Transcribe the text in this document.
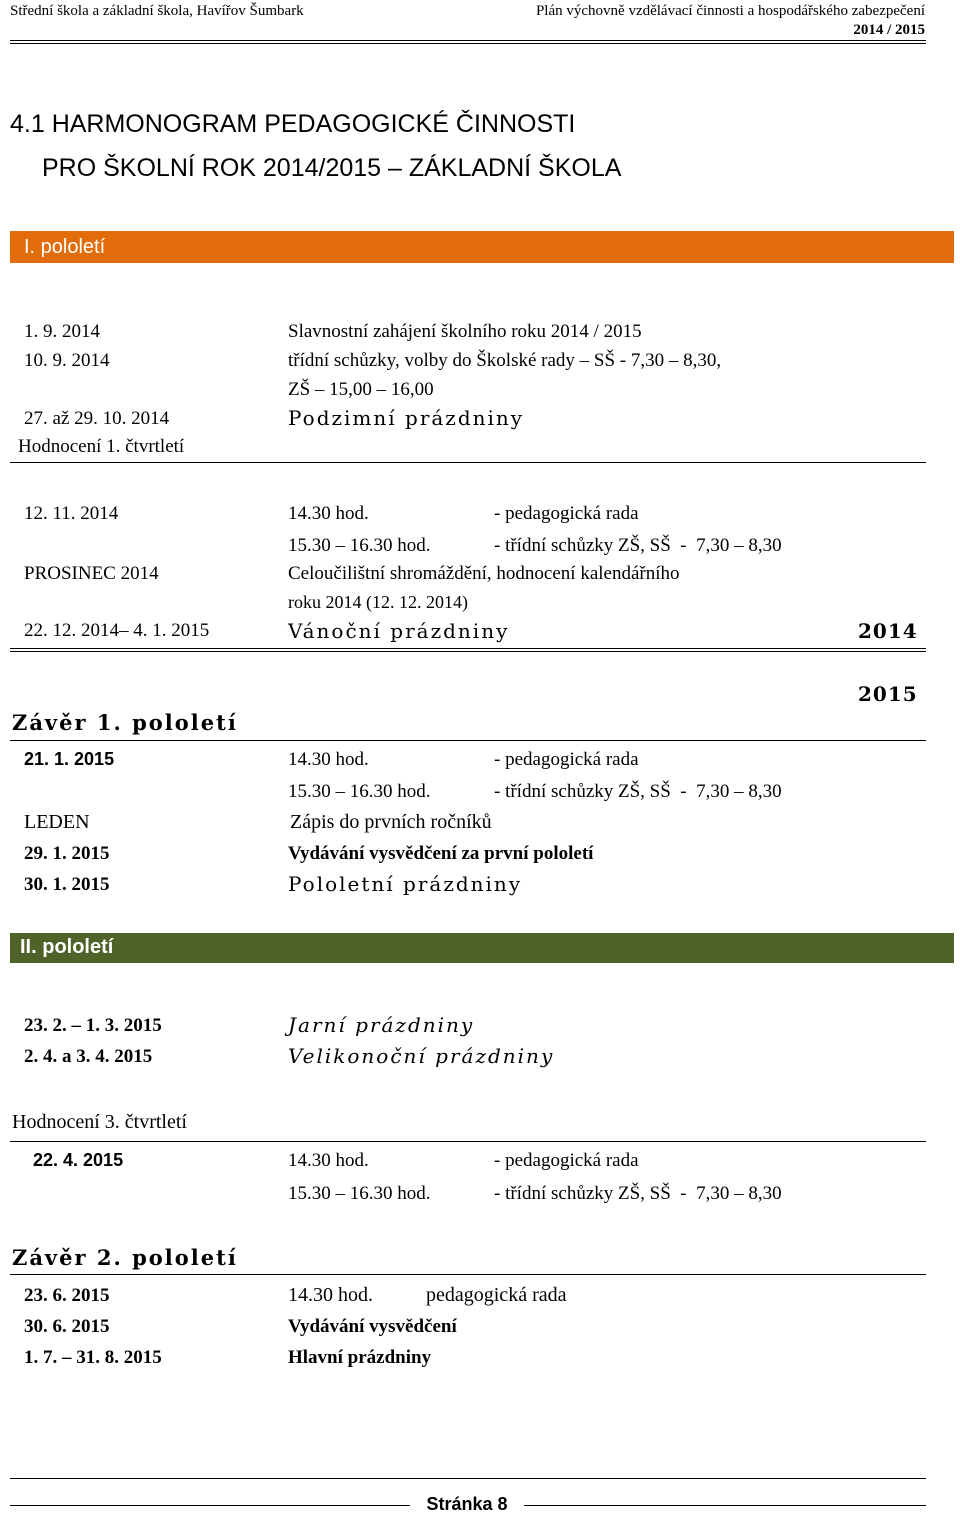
Střední škola a základní škola, Havířov Šumbark	Plán výchovně vzdělávací činnosti a hospodářského zabezpečení
2014 / 2015
4.1 HARMONOGRAM PEDAGOGICKÉ ČINNOSTI
PRO ŠKOLNÍ ROK 2014/2015 – ZÁKLADNÍ ŠKOLA
I. pololetí
1. 9. 2014	Slavnostní zahájení školního roku 2014 / 2015
10. 9. 2014	třídní schůzky, volby do Školské rady – SŠ - 7,30 – 8,30,
ZŠ – 15,00 – 16,00
27. až 29. 10. 2014	Podzimní prázdniny
Hodnocení 1. čtvrtletí
12. 11. 2014	14.30 hod.	- pedagogická rada
15.30 – 16.30 hod.	- třídní schůzky ZŠ, SŠ  -  7,30 – 8,30
PROSINEC 2014	Celoučilištní shromáždění, hodnocení kalendářního
roku 2014 (12. 12. 2014)
22. 12. 2014– 4. 1. 2015	Vánoční prázdniny	2014
2015
Závěr 1. pololetí
21. 1. 2015	14.30 hod.	- pedagogická rada
15.30 – 16.30 hod.	- třídní schůzky ZŠ, SŠ  -  7,30 – 8,30
LEDEN	Zápis do prvních ročníků
29. 1. 2015	Vydávání vysvědčení za první pololetí
30. 1. 2015	Pololetní prázdniny
II. pololetí
23. 2. – 1. 3. 2015	Jarní prázdniny
2. 4. a 3. 4. 2015	Velikonoční prázdniny
Hodnocení 3. čtvrtletí
22. 4. 2015	14.30 hod.	- pedagogická rada
15.30 – 16.30 hod.	- třídní schůzky ZŠ, SŠ  -  7,30 – 8,30
Závěr 2. pololetí
23. 6. 2015	14.30 hod.	pedagogická rada
30. 6. 2015	Vydávání vysvědčení
1. 7. – 31. 8. 2015	Hlavní prázdniny
Stránka 8
